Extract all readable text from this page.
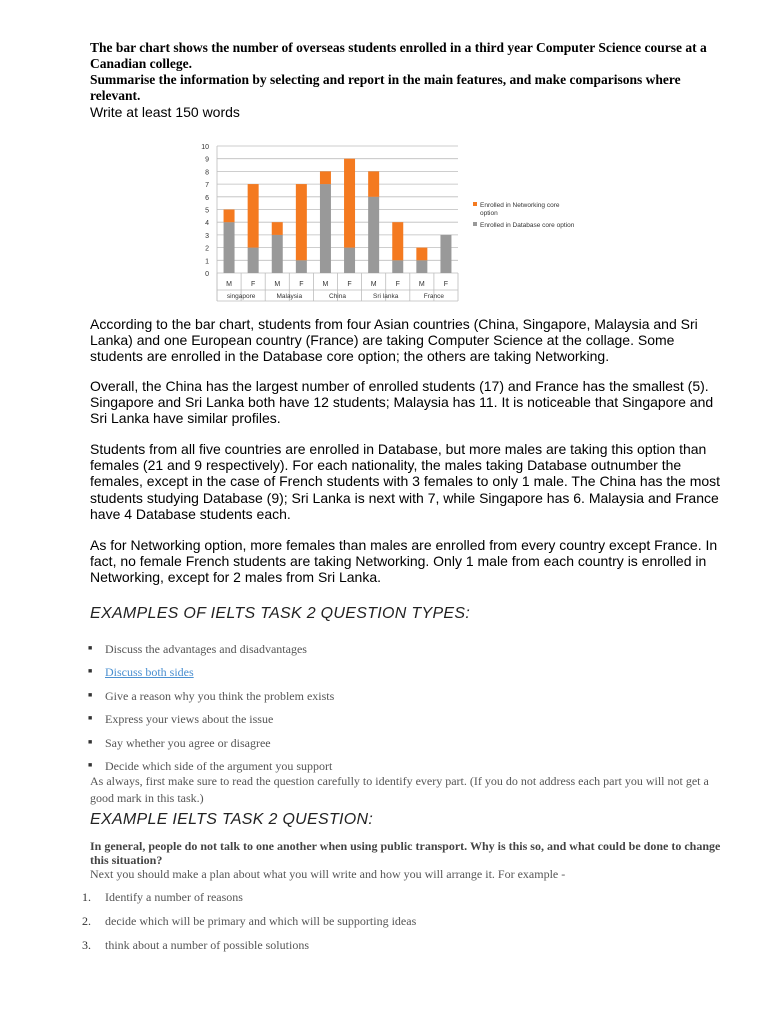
The bar chart shows the number of overseas students enrolled in a third year Computer Science course at a Canadian college.
Summarise the information by selecting and report in the main features, and make comparisons where relevant.
Write at least 150 words
0
1
2
3
4
5
6
7
8
9
10
M	F	M	F	M	F	M	F	M	F
singapore	Malaysia	China	Sri lanka	France
Enrolled in Networking core option
Enrolled in Database core option
According to the bar chart, students from four Asian countries (China, Singapore, Malaysia and Sri Lanka) and one European country (France) are taking Computer Science at the collage. Some students are enrolled in the Database core option; the others are taking Networking.
Overall, the China has the largest number of enrolled students (17) and France has the smallest (5). Singapore and Sri Lanka both have 12 students; Malaysia has 11. It is noticeable that Singapore and Sri Lanka have similar profiles.
Students from all five countries are enrolled in Database, but more males are taking this option than females (21 and 9 respectively). For each nationality, the males taking Database outnumber the females, except in the case of French students with 3 females to only 1 male. The China has the most students studying Database (9); Sri Lanka is next with 7, while Singapore has 6. Malaysia and France have 4 Database students each.
As for Networking option, more females than males are enrolled from every country except France. In fact, no female French students are taking Networking. Only 1 male from each country is enrolled in Networking, except for 2 males from Sri Lanka.
EXAMPLES OF IELTS TASK 2 QUESTION TYPES:
■ Discuss the advantages and disadvantages
■ Discuss both sides
■ Give a reason why you think the problem exists
■ Express your views about the issue
■ Say whether you agree or disagree
■ Decide which side of the argument you support
As always, first make sure to read the question carefully to identify every part. (If you do not address each part you will not get a good mark in this task.)
EXAMPLE IELTS TASK 2 QUESTION:
In general, people do not talk to one another when using public transport. Why is this so, and what could be done to change this situation?
Next you should make a plan about what you will write and how you will arrange it. For example -
1. Identify a number of reasons
2. decide which will be primary and which will be supporting ideas
3. think about a number of possible solutions
